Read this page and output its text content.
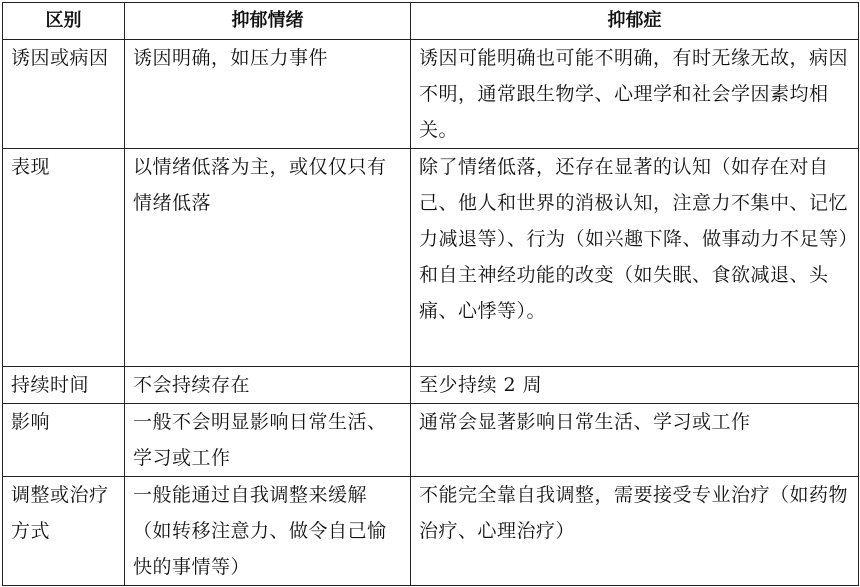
区别	抑郁情绪	抑郁症
诱因或病因	诱因明确，如压力事件	诱因可能明确也可能不明确，有时无缘无故，病因不明，通常跟生物学、心理学和社会学因素均相关。
表现	以情绪低落为主，或仅仅只有情绪低落	除了情绪低落，还存在显著的认知（如存在对自己、他人和世界的消极认知，注意力不集中、记忆力减退等）、行为（如兴趣下降、做事动力不足等）和自主神经功能的改变（如失眠、食欲减退、头痛、心悸等）。
持续时间	不会持续存在	至少持续 2 周
影响	一般不会明显影响日常生活、学习或工作	通常会显著影响日常生活、学习或工作
调整或治疗方式	一般能通过自我调整来缓解（如转移注意力、做令自己愉快的事情等）	不能完全靠自我调整，需要接受专业治疗（如药物治疗、心理治疗）
